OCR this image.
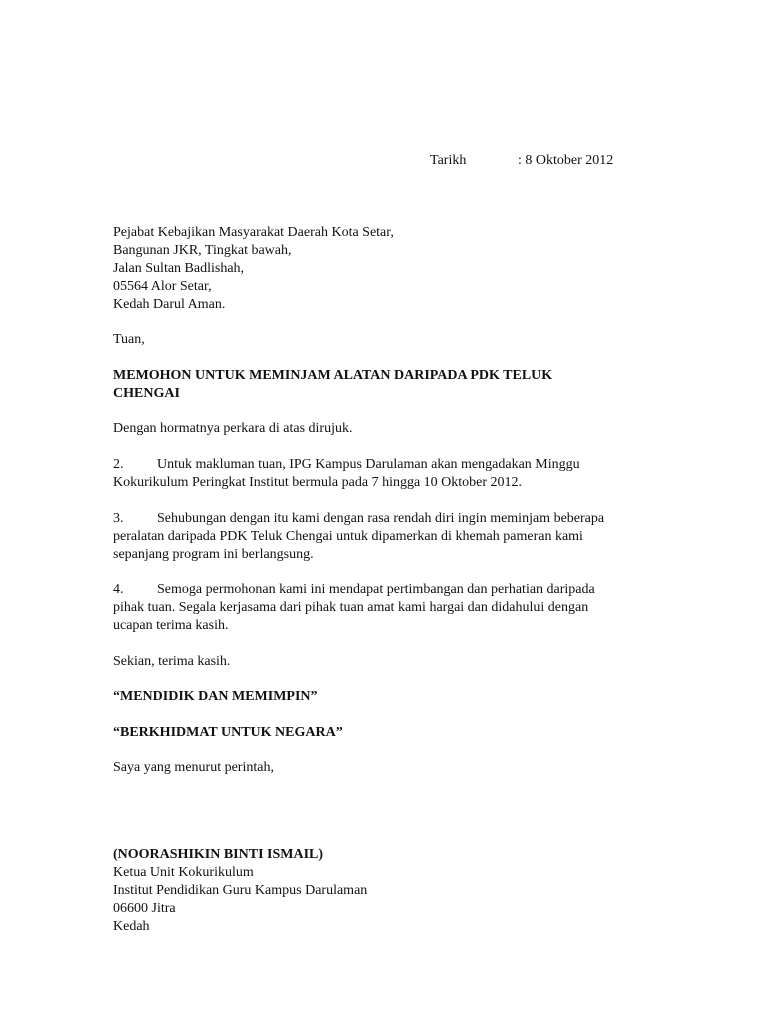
Tarikh	: 8 Oktober 2012
Pejabat Kebajikan Masyarakat Daerah Kota Setar,
Bangunan JKR, Tingkat bawah,
Jalan Sultan Badlishah,
05564 Alor Setar,
Kedah Darul Aman.
Tuan,
MEMOHON UNTUK MEMINJAM ALATAN DARIPADA PDK TELUK
CHENGAI
Dengan hormatnya perkara di atas dirujuk.
2. Untuk makluman tuan, IPG Kampus Darulaman akan mengadakan Minggu
Kokurikulum Peringkat Institut bermula pada 7 hingga 10 Oktober 2012.
3. Sehubungan dengan itu kami dengan rasa rendah diri ingin meminjam beberapa
peralatan daripada PDK Teluk Chengai untuk dipamerkan di khemah pameran kami
sepanjang program ini berlangsung.
4. Semoga permohonan kami ini mendapat pertimbangan dan perhatian daripada
pihak tuan. Segala kerjasama dari pihak tuan amat kami hargai dan didahului dengan
ucapan terima kasih.
Sekian, terima kasih.
“MENDIDIK DAN MEMIMPIN”
“BERKHIDMAT UNTUK NEGARA”
Saya yang menurut perintah,
(NOORASHIKIN BINTI ISMAIL)
Ketua Unit Kokurikulum
Institut Pendidikan Guru Kampus Darulaman
06600 Jitra
Kedah
